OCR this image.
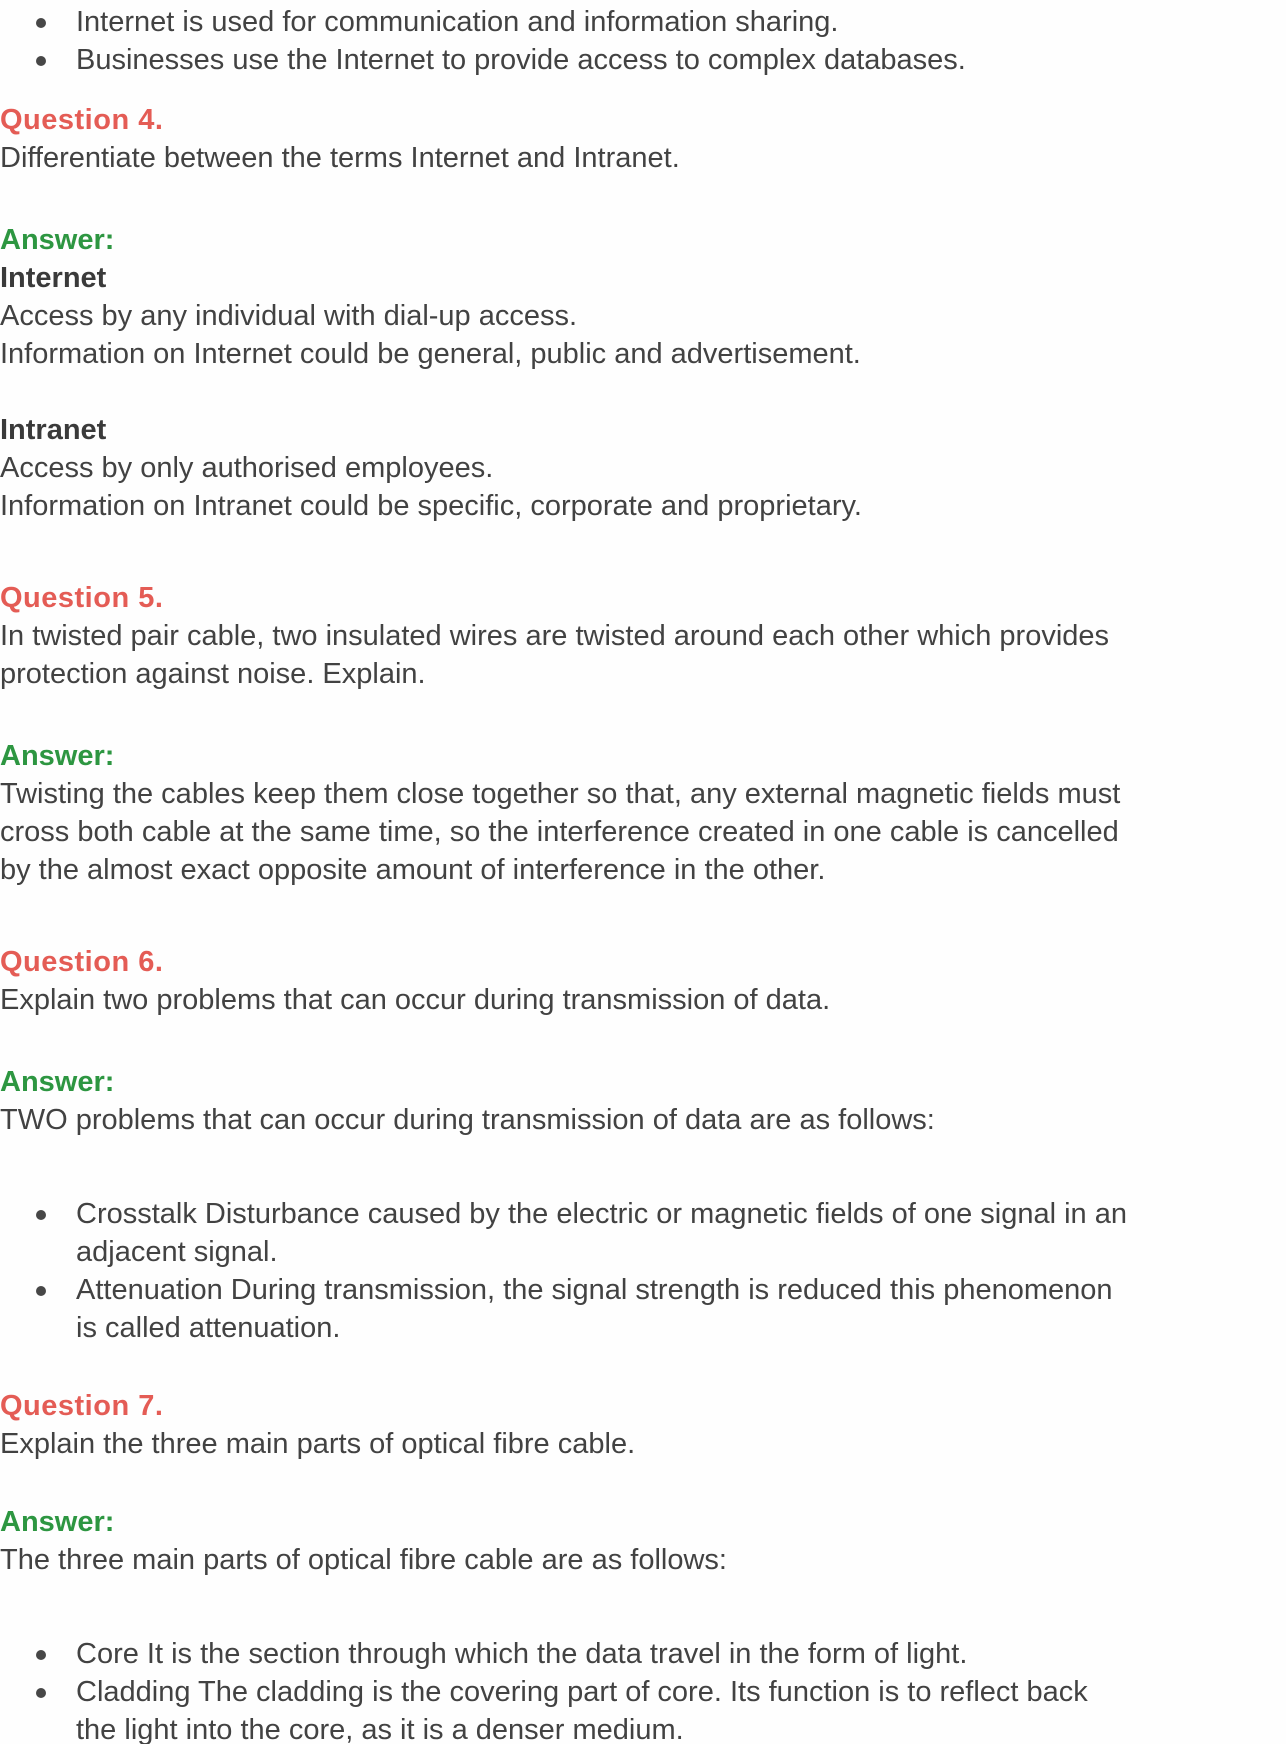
Internet is used for communication and information sharing.
Businesses use the Internet to provide access to complex databases.
Question 4.
Differentiate between the terms Internet and Intranet.
Answer:
Internet
Access by any individual with dial-up access.
Information on Internet could be general, public and advertisement.
Intranet
Access by only authorised employees.
Information on Intranet could be specific, corporate and proprietary.
Question 5.
In twisted pair cable, two insulated wires are twisted around each other which provides
protection against noise. Explain.
Answer:
Twisting the cables keep them close together so that, any external magnetic fields must
cross both cable at the same time, so the interference created in one cable is cancelled
by the almost exact opposite amount of interference in the other.
Question 6.
Explain two problems that can occur during transmission of data.
Answer:
TWO problems that can occur during transmission of data are as follows:
Crosstalk Disturbance caused by the electric or magnetic fields of one signal in an
adjacent signal.
Attenuation During transmission, the signal strength is reduced this phenomenon
is called attenuation.
Question 7.
Explain the three main parts of optical fibre cable.
Answer:
The three main parts of optical fibre cable are as follows:
Core It is the section through which the data travel in the form of light.
Cladding The cladding is the covering part of core. Its function is to reflect back
the light into the core, as it is a denser medium.
